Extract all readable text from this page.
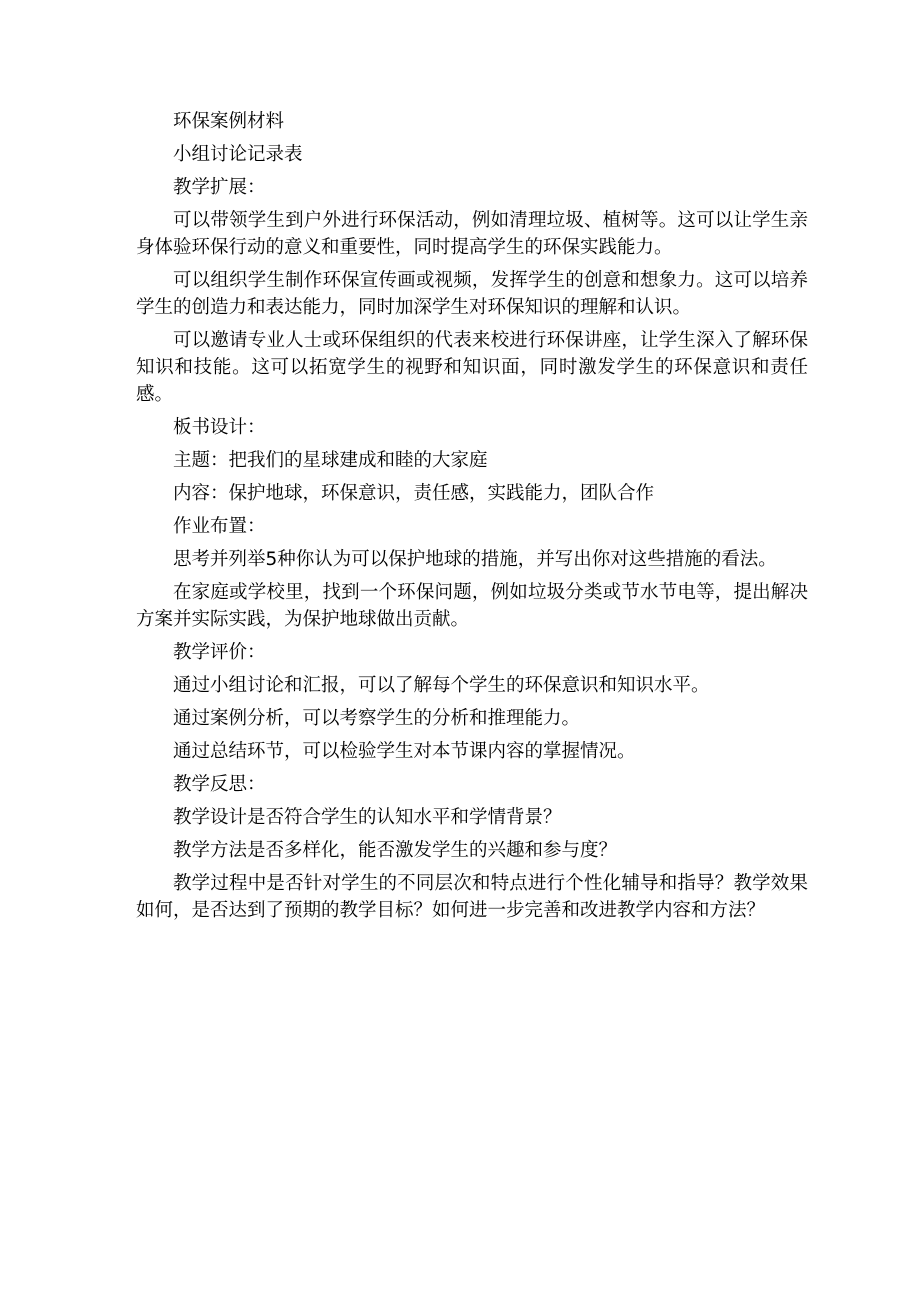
环保案例材料

小组讨论记录表

教学扩展：

可以带领学生到户外进行环保活动，例如清理垃圾、植树等。这可以让学生亲身体验环保行动的意义和重要性，同时提高学生的环保实践能力。

可以组织学生制作环保宣传画或视频，发挥学生的创意和想象力。这可以培养学生的创造力和表达能力，同时加深学生对环保知识的理解和认识。

可以邀请专业人士或环保组织的代表来校进行环保讲座，让学生深入了解环保知识和技能。这可以拓宽学生的视野和知识面，同时激发学生的环保意识和责任感。

板书设计：

主题：把我们的星球建成和睦的大家庭

内容：保护地球，环保意识，责任感，实践能力，团队合作

作业布置：

思考并列举5种你认为可以保护地球的措施，并写出你对这些措施的看法。

在家庭或学校里，找到一个环保问题，例如垃圾分类或节水节电等，提出解决方案并实际实践，为保护地球做出贡献。

教学评价：

通过小组讨论和汇报，可以了解每个学生的环保意识和知识水平。

通过案例分析，可以考察学生的分析和推理能力。

通过总结环节，可以检验学生对本节课内容的掌握情况。

教学反思：

教学设计是否符合学生的认知水平和学情背景？

教学方法是否多样化，能否激发学生的兴趣和参与度？

教学过程中是否针对学生的不同层次和特点进行个性化辅导和指导？教学效果如何，是否达到了预期的教学目标？如何进一步完善和改进教学内容和方法？
